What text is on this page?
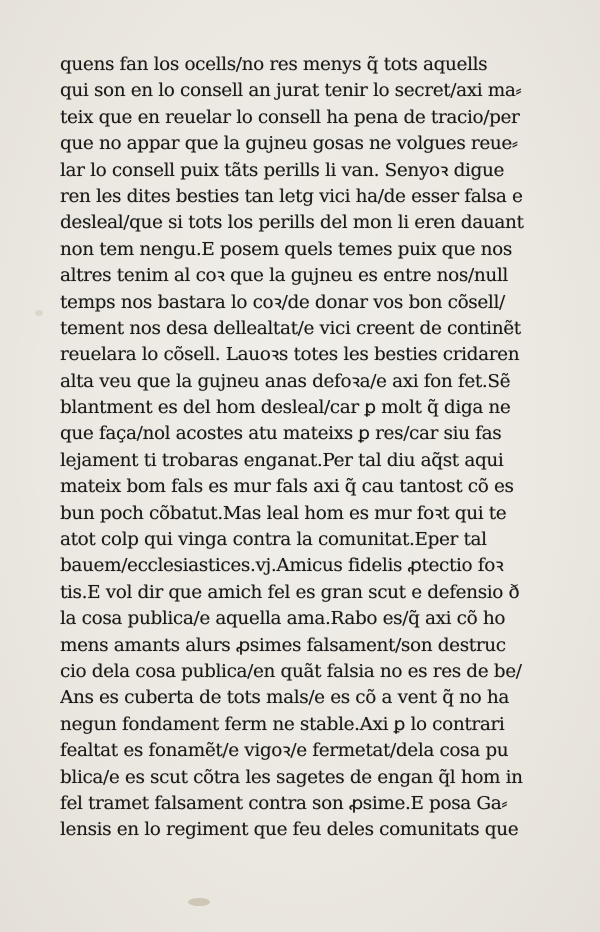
quens fan los ocells/no res menys q̃ tots aquells
qui son en lo consell an jurat tenir lo secret/axi ma⸗
teix que en reuelar lo consell ha pena de tracio/per
que no appar que la gujneu gosas ne volgues reue⸗
lar lo consell puix tãts perills li van. Senyoꝛ digue
ren les dites besties tan letg vici ha/de esser falsa e
desleal/que si tots los perills del mon li eren dauant
non tem nengu.E posem quels temes puix que nos
altres tenim al coꝛ que la gujneu es entre nos/null
temps nos bastara lo coꝛ/de donar vos bon cõsell/
tement nos desa dellealtat/e vici creent de continẽt
reuelara lo cõsell. Lauoꝛs totes les besties cridaren
alta veu que la gujneu anas defoꝛa/e axi fon fet.Sẽ
blantment es del hom desleal/car ꝑ molt q̃ diga ne
que faça/nol acostes atu mateixs ꝑ res/car siu fas
lejament ti trobaras enganat.Per tal diu aq̃st aqui
mateix bom fals es mur fals axi q̃ cau tantost cõ es
bun poch cõbatut.Mas leal hom es mur foꝛt qui te
atot colp qui vinga contra la comunitat.Eper tal
bauem/ecclesiastices.vj.Amicus fidelis ꝓtectio foꝛ
tis.E vol dir que amich fel es gran scut e defensio ð
la cosa publica/e aquella ama.Rabo es/q̃ axi cõ ho
mens amants alurs ꝓsimes falsament/son destruc
cio dela cosa publica/en quãt falsia no es res de be/
Ans es cuberta de tots mals/e es cõ a vent q̃ no ha
negun fondament ferm ne stable.Axi ꝑ lo contrari
fealtat es fonamẽt/e vigoꝛ/e fermetat/dela cosa pu
blica/e es scut cõtra les sagetes de engan q̃l hom in
fel tramet falsament contra son ꝓsime.E posa Ga⸗
lensis en lo regiment que feu deles comunitats que
